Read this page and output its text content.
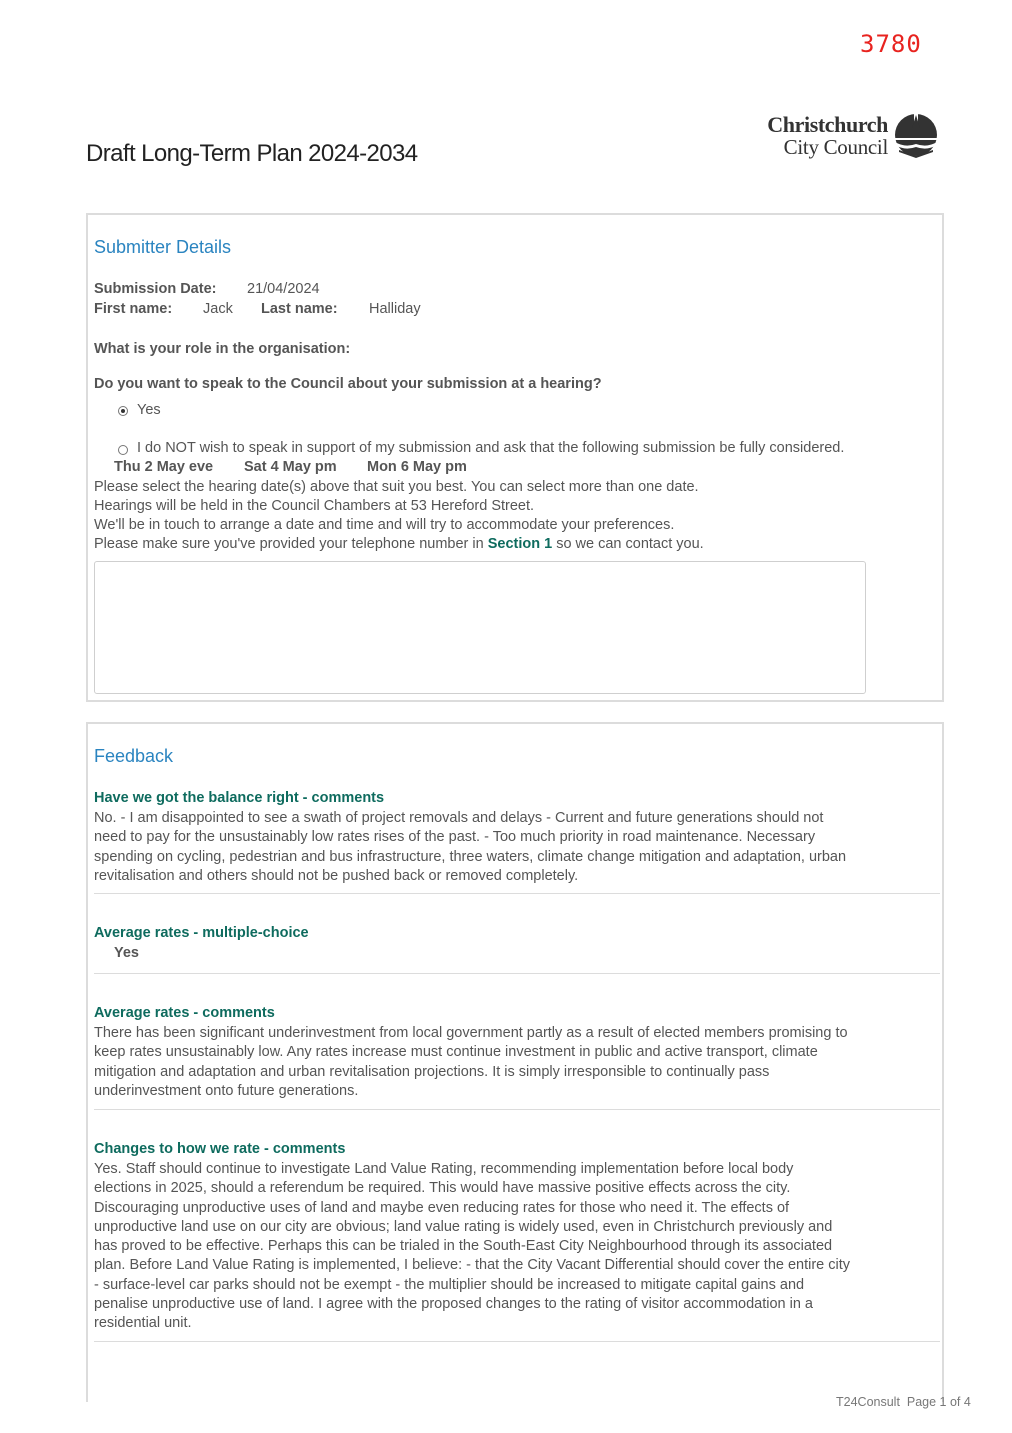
3780
Draft Long-Term Plan 2024-2034
Christchurch
City Council
Submitter Details
Submission Date: 21/04/2024
First name: Jack Last name: Halliday
What is your role in the organisation:
Do you want to speak to the Council about your submission at a hearing?
Yes
I do NOT wish to speak in support of my submission and ask that the following submission be fully considered.
Thu 2 May eve Sat 4 May pm Mon 6 May pm
Please select the hearing date(s) above that suit you best. You can select more than one date.
Hearings will be held in the Council Chambers at 53 Hereford Street.
We'll be in touch to arrange a date and time and will try to accommodate your preferences.
Please make sure you've provided your telephone number in Section 1 so we can contact you.
Feedback
Have we got the balance right - comments
No. - I am disappointed to see a swath of project removals and delays - Current and future generations should not need to pay for the unsustainably low rates rises of the past. - Too much priority in road maintenance. Necessary spending on cycling, pedestrian and bus infrastructure, three waters, climate change mitigation and adaptation, urban revitalisation and others should not be pushed back or removed completely.
Average rates - multiple-choice
Yes
Average rates - comments
There has been significant underinvestment from local government partly as a result of elected members promising to keep rates unsustainably low. Any rates increase must continue investment in public and active transport, climate mitigation and adaptation and urban revitalisation projections. It is simply irresponsible to continually pass underinvestment onto future generations.
Changes to how we rate - comments
Yes. Staff should continue to investigate Land Value Rating, recommending implementation before local body elections in 2025, should a referendum be required. This would have massive positive effects across the city. Discouraging unproductive uses of land and maybe even reducing rates for those who need it. The effects of unproductive land use on our city are obvious; land value rating is widely used, even in Christchurch previously and has proved to be effective. Perhaps this can be trialed in the South-East City Neighbourhood through its associated plan. Before Land Value Rating is implemented, I believe: - that the City Vacant Differential should cover the entire city - surface-level car parks should not be exempt - the multiplier should be increased to mitigate capital gains and penalise unproductive use of land. I agree with the proposed changes to the rating of visitor accommodation in a residential unit.
T24Consult Page 1 of 4
